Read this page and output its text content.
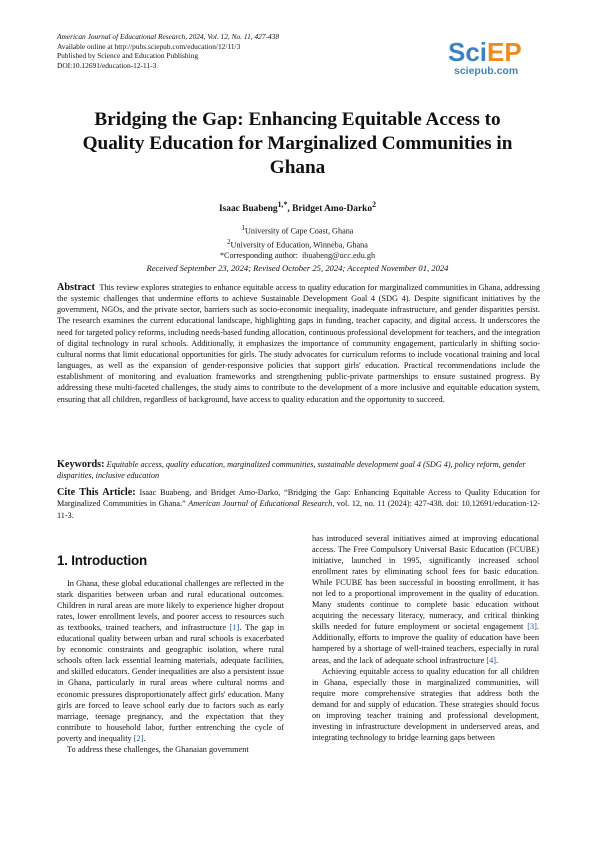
American Journal of Educational Research, 2024, Vol. 12, No. 11, 427-438
Available online at http://pubs.sciepub.com/education/12/11/3
Published by Science and Education Publishing
DOI:10.12691/education-12-11-3	SciEP
sciepub.com
Bridging the Gap: Enhancing Equitable Access to Quality Education for Marginalized Communities in Ghana
Isaac Buabeng$^{1,*}$, Bridget Amo-Darko$^2$
$^1$University of Cape Coast, Ghana
$^2$University of Education, Winneba, Ghana
*Corresponding author: ibuabeng@ucc.edu.gh
Received September 23, 2024; Revised October 25, 2024; Accepted November 01, 2024
Abstract This review explores strategies to enhance equitable access to quality education for marginalized communities in Ghana, addressing the systemic challenges that undermine efforts to achieve Sustainable Development Goal 4 (SDG 4). Despite significant initiatives by the government, NGOs, and the private sector, barriers such as socio-economic inequality, inadequate infrastructure, and gender disparities persist. The research examines the current educational landscape, highlighting gaps in funding, teacher capacity, and digital access. It underscores the need for targeted policy reforms, including needs-based funding allocation, continuous professional development for teachers, and the integration of digital technology in rural schools. Additionally, it emphasizes the importance of community engagement, particularly in shifting socio-cultural norms that limit educational opportunities for girls. The study advocates for curriculum reforms to include vocational training and local languages, as well as the expansion of gender-responsive policies that support girls' education. Practical recommendations include the establishment of monitoring and evaluation frameworks and strengthening public-private partnerships to ensure sustained progress. By addressing these multi-faceted challenges, the study aims to contribute to the development of a more inclusive and equitable education system, ensuring that all children, regardless of background, have access to quality education and the opportunity to succeed.
Keywords: Equitable access, quality education, marginalized communities, sustainable development goal 4 (SDG 4), policy reform, gender disparities, inclusive education
Cite This Article: Isaac Buabeng, and Bridget Amo-Darko, “Bridging the Gap: Enhancing Equitable Access to Quality Education for Marginalized Communities in Ghana.” American Journal of Educational Research, vol. 12, no. 11 (2024): 427-438. doi: 10.12691/education-12-11-3.
1. Introduction

In Ghana, these global educational challenges are reflected in the stark disparities between urban and rural educational outcomes. Children in rural areas are more likely to experience higher dropout rates, lower enrollment levels, and poorer access to resources such as textbooks, trained teachers, and infrastructure [1]. The gap in educational quality between urban and rural schools is exacerbated by economic constraints and geographic isolation, where rural schools often lack essential learning materials, adequate facilities, and skilled educators. Gender inequalities are also a persistent issue in Ghana, particularly in rural areas where cultural norms and economic pressures disproportionately affect girls' education. Many girls are forced to leave school early due to factors such as early marriage, teenage pregnancy, and the expectation that they contribute to household labor, further entrenching the cycle of poverty and inequality [2].

To address these challenges, the Ghanaian government

has introduced several initiatives aimed at improving educational access. The Free Compulsory Universal Basic Education (FCUBE) initiative, launched in 1995, significantly increased school enrollment rates by eliminating school fees for basic education. While FCUBE has been successful in boosting enrollment, it has not led to a proportional improvement in the quality of education. Many students continue to complete basic education without acquiring the necessary literacy, numeracy, and critical thinking skills needed for future employment or societal engagement [3]. Additionally, efforts to improve the quality of education have been hampered by a shortage of well-trained teachers, especially in rural areas, and the lack of adequate school infrastructure [4].

Achieving equitable access to quality education for all children in Ghana, especially those in marginalized communities, will require more comprehensive strategies that address both the demand for and supply of education. These strategies should focus on improving teacher training and professional development, investing in infrastructure development in underserved areas, and integrating technology to bridge learning gaps between
